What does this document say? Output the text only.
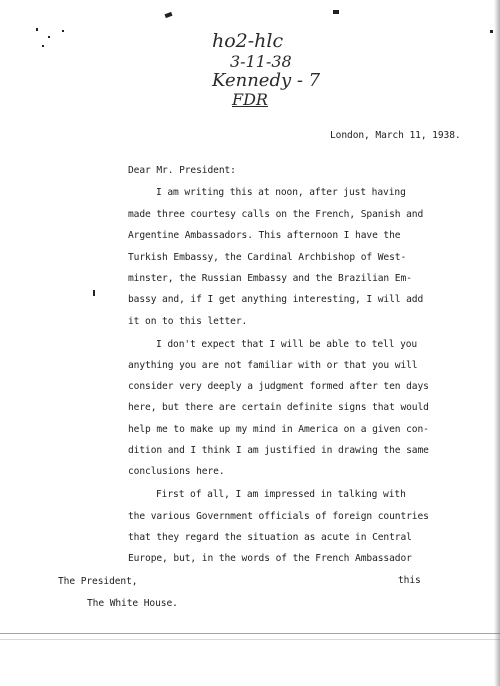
ho2-hlc
3-11-38
Kennedy - 7
FDR
London, March 11, 1938.
Dear Mr. President:
I am writing this at noon, after just having
made three courtesy calls on the French, Spanish and
Argentine Ambassadors. This afternoon I have the
Turkish Embassy, the Cardinal Archbishop of West-
minster, the Russian Embassy and the Brazilian Em-
bassy and, if I get anything interesting, I will add
it on to this letter.
I don't expect that I will be able to tell you
anything you are not familiar with or that you will
consider very deeply a judgment formed after ten days
here, but there are certain definite signs that would
help me to make up my mind in America on a given con-
dition and I think I am justified in drawing the same
conclusions here.
First of all, I am impressed in talking with
the various Government officials of foreign countries
that they regard the situation as acute in Central
Europe, but, in the words of the French Ambassador
this
The President,
The White House.
